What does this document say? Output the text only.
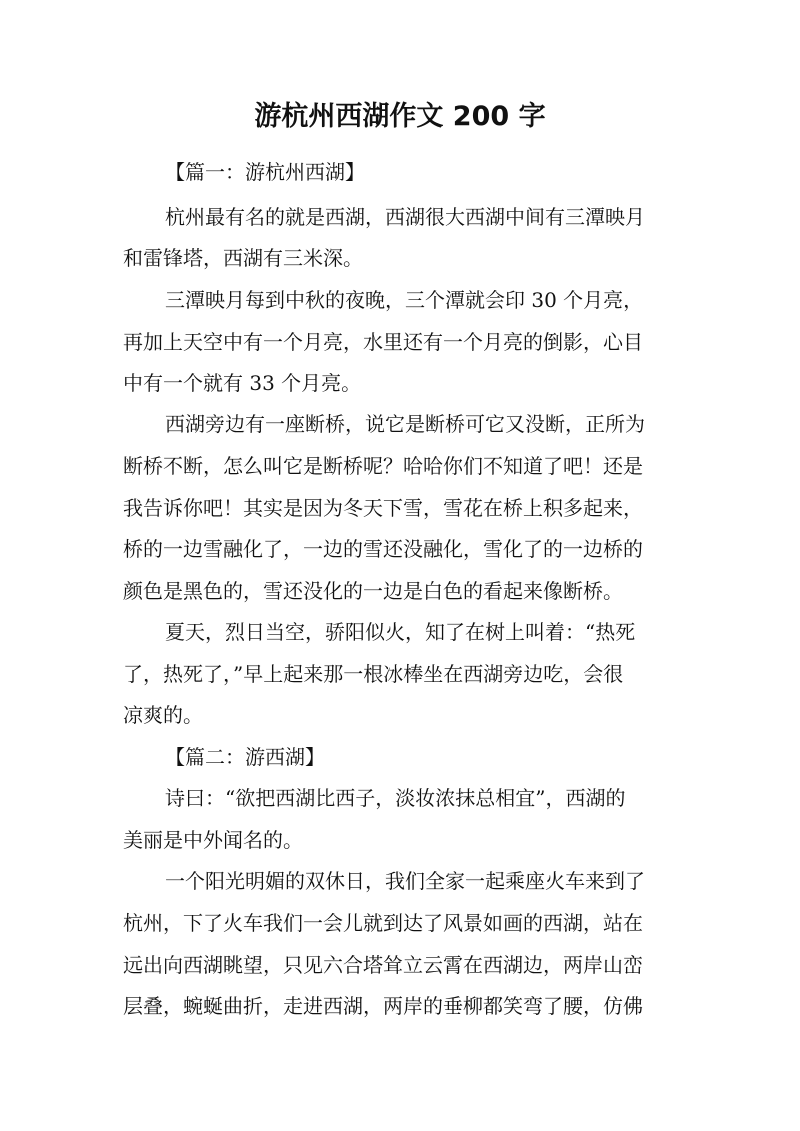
游杭州西湖作文 200 字
【篇一：游杭州西湖】
杭州最有名的就是西湖，西湖很大西湖中间有三潭映月
和雷锋塔，西湖有三米深。
三潭映月每到中秋的夜晚，三个潭就会印 30 个月亮，
再加上天空中有一个月亮，水里还有一个月亮的倒影，心目
中有一个就有 33 个月亮。
西湖旁边有一座断桥，说它是断桥可它又没断，正所为
断桥不断，怎么叫它是断桥呢？哈哈你们不知道了吧！还是
我告诉你吧！其实是因为冬天下雪，雪花在桥上积多起来，
桥的一边雪融化了，一边的雪还没融化，雪化了的一边桥的
颜色是黑色的，雪还没化的一边是白色的看起来像断桥。
夏天，烈日当空，骄阳似火，知了在树上叫着：“热死
了，热死了，”早上起来那一根冰棒坐在西湖旁边吃，会很
凉爽的。
【篇二：游西湖】
诗曰：“欲把西湖比西子，淡妆浓抹总相宜”，西湖的
美丽是中外闻名的。
一个阳光明媚的双休日，我们全家一起乘座火车来到了
杭州，下了火车我们一会儿就到达了风景如画的西湖，站在
远出向西湖眺望，只见六合塔耸立云霄在西湖边，两岸山峦
层叠，蜿蜒曲折，走进西湖，两岸的垂柳都笑弯了腰，仿佛
